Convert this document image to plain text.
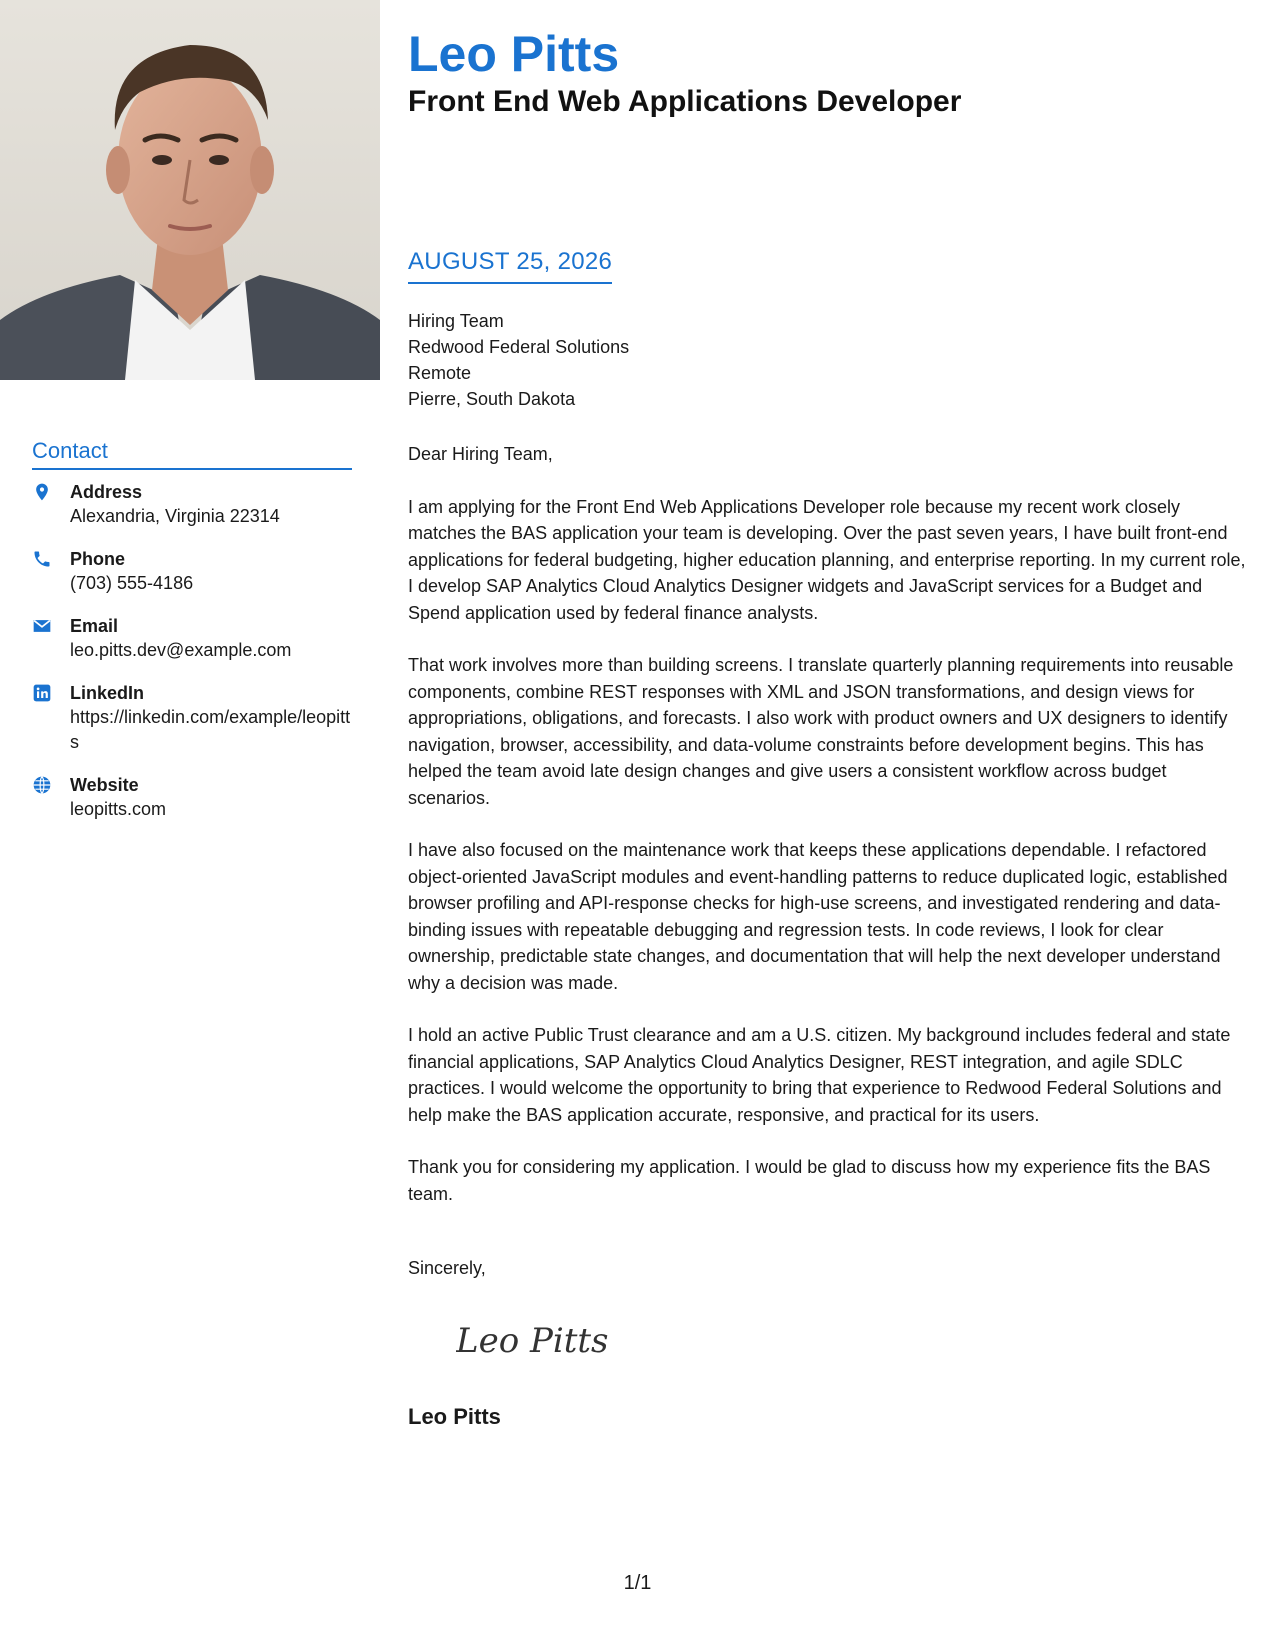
Contact
Address
Alexandria, Virginia 22314
Phone
(703) 555-4186
Email
leo.pitts.dev@example.com
LinkedIn
https://linkedin.com/example/leopitts
Website
leopitts.com
Leo Pitts
Front End Web Applications Developer
AUGUST 25, 2026
Hiring Team
Redwood Federal Solutions
Remote
Pierre, South Dakota

Dear Hiring Team,

I am applying for the Front End Web Applications Developer role because my recent work closely matches the BAS application your team is developing. Over the past seven years, I have built front-end applications for federal budgeting, higher education planning, and enterprise reporting. In my current role, I develop SAP Analytics Cloud Analytics Designer widgets and JavaScript services for a Budget and Spend application used by federal finance analysts.

That work involves more than building screens. I translate quarterly planning requirements into reusable components, combine REST responses with XML and JSON transformations, and design views for appropriations, obligations, and forecasts. I also work with product owners and UX designers to identify navigation, browser, accessibility, and data-volume constraints before development begins. This has helped the team avoid late design changes and give users a consistent workflow across budget scenarios.

I have also focused on the maintenance work that keeps these applications dependable. I refactored object-oriented JavaScript modules and event-handling patterns to reduce duplicated logic, established browser profiling and API-response checks for high-use screens, and investigated rendering and data-binding issues with repeatable debugging and regression tests. In code reviews, I look for clear ownership, predictable state changes, and documentation that will help the next developer understand why a decision was made.

I hold an active Public Trust clearance and am a U.S. citizen. My background includes federal and state financial applications, SAP Analytics Cloud Analytics Designer, REST integration, and agile SDLC practices. I would welcome the opportunity to bring that experience to Redwood Federal Solutions and help make the BAS application accurate, responsive, and practical for its users.

Thank you for considering my application. I would be glad to discuss how my experience fits the BAS team.

Sincerely,
Leo Pitts
Leo Pitts
1/1
